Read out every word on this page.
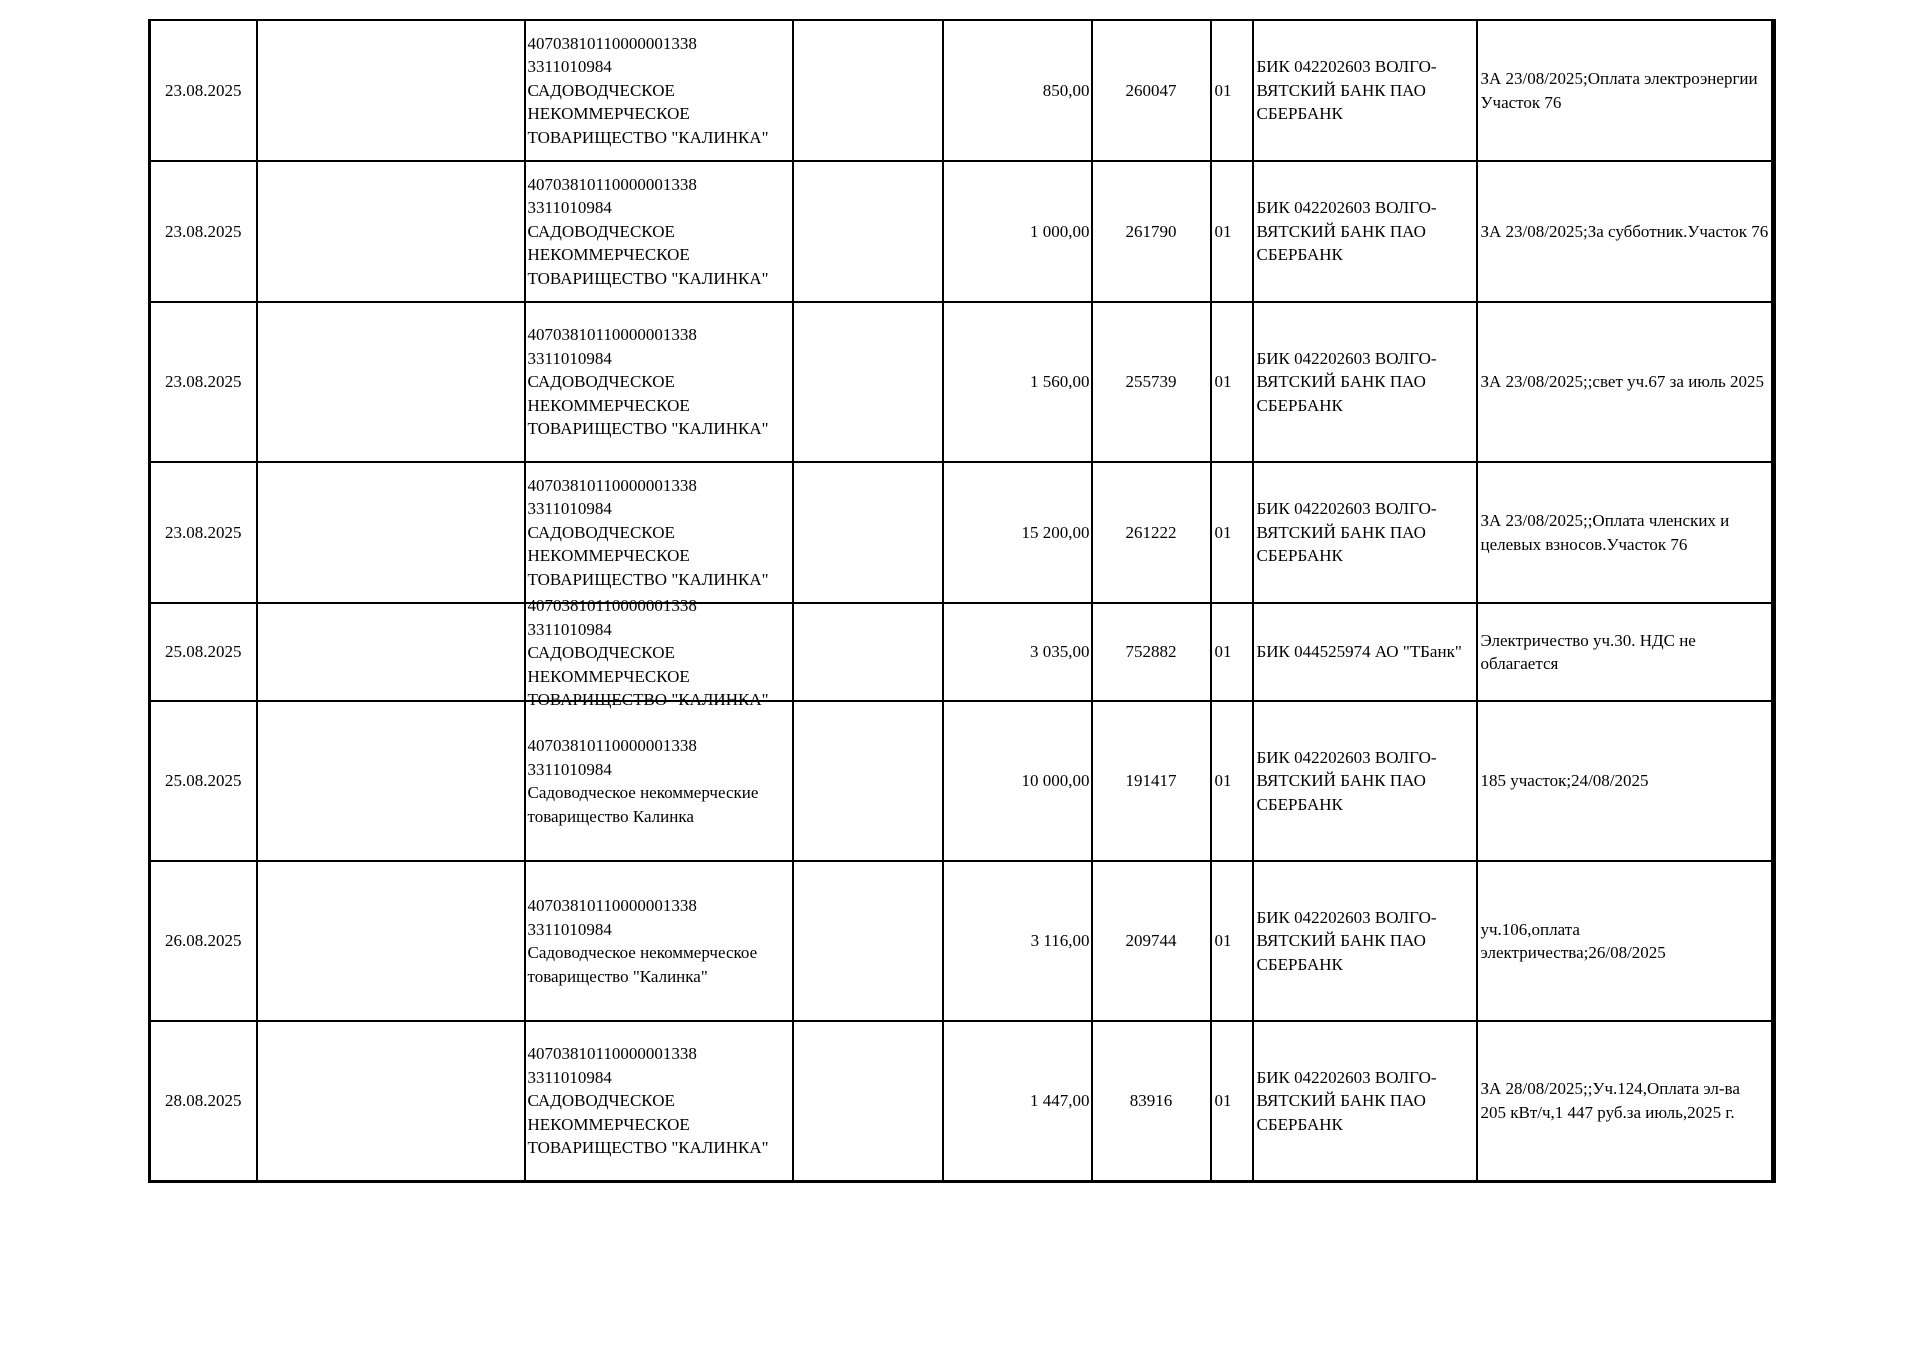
23.08.2025		40703810110000001338
3311010984
САДОВОДЧЕСКОЕ
НЕКОММЕРЧЕСКОЕ
ТОВАРИЩЕСТВО "КАЛИНКА"		850,00	260047	01	БИК 042202603 ВОЛГО-ВЯТСКИЙ БАНК ПАО СБЕРБАНК	ЗА 23/08/2025;Оплата электроэнергии Участок 76
23.08.2025		40703810110000001338
3311010984
САДОВОДЧЕСКОЕ
НЕКОММЕРЧЕСКОЕ
ТОВАРИЩЕСТВО "КАЛИНКА"		1 000,00	261790	01	БИК 042202603 ВОЛГО-ВЯТСКИЙ БАНК ПАО СБЕРБАНК	ЗА 23/08/2025;За субботник.Участок 76
23.08.2025		40703810110000001338
3311010984
САДОВОДЧЕСКОЕ
НЕКОММЕРЧЕСКОЕ
ТОВАРИЩЕСТВО "КАЛИНКА"		1 560,00	255739	01	БИК 042202603 ВОЛГО-ВЯТСКИЙ БАНК ПАО СБЕРБАНК	ЗА 23/08/2025;;свет уч.67 за июль 2025
23.08.2025		40703810110000001338
3311010984
САДОВОДЧЕСКОЕ
НЕКОММЕРЧЕСКОЕ
ТОВАРИЩЕСТВО "КАЛИНКА"		15 200,00	261222	01	БИК 042202603 ВОЛГО-ВЯТСКИЙ БАНК ПАО СБЕРБАНК	ЗА 23/08/2025;;Оплата членских и целевых взносов.Участок 76
25.08.2025		40703810110000001338
3311010984
САДОВОДЧЕСКОЕ
НЕКОММЕРЧЕСКОЕ
ТОВАРИЩЕСТВО "КАЛИНКА"		3 035,00	752882	01	БИК 044525974 АО "ТБанк"	Электричество уч.30. НДС не облагается
25.08.2025		40703810110000001338
3311010984
Садоводческое некоммерческие
товарищество Калинка		10 000,00	191417	01	БИК 042202603 ВОЛГО-ВЯТСКИЙ БАНК ПАО СБЕРБАНК	185 участок;24/08/2025
26.08.2025		40703810110000001338
3311010984
Садоводческое некоммерческое
товарищество "Калинка"		3 116,00	209744	01	БИК 042202603 ВОЛГО-ВЯТСКИЙ БАНК ПАО СБЕРБАНК	уч.106,оплата электричества;26/08/2025
28.08.2025		40703810110000001338
3311010984
САДОВОДЧЕСКОЕ
НЕКОММЕРЧЕСКОЕ
ТОВАРИЩЕСТВО "КАЛИНКА"		1 447,00	83916	01	БИК 042202603 ВОЛГО-ВЯТСКИЙ БАНК ПАО СБЕРБАНК	ЗА 28/08/2025;;Уч.124,Оплата эл-ва 205 кВт/ч,1 447 руб.за июль,2025 г.
